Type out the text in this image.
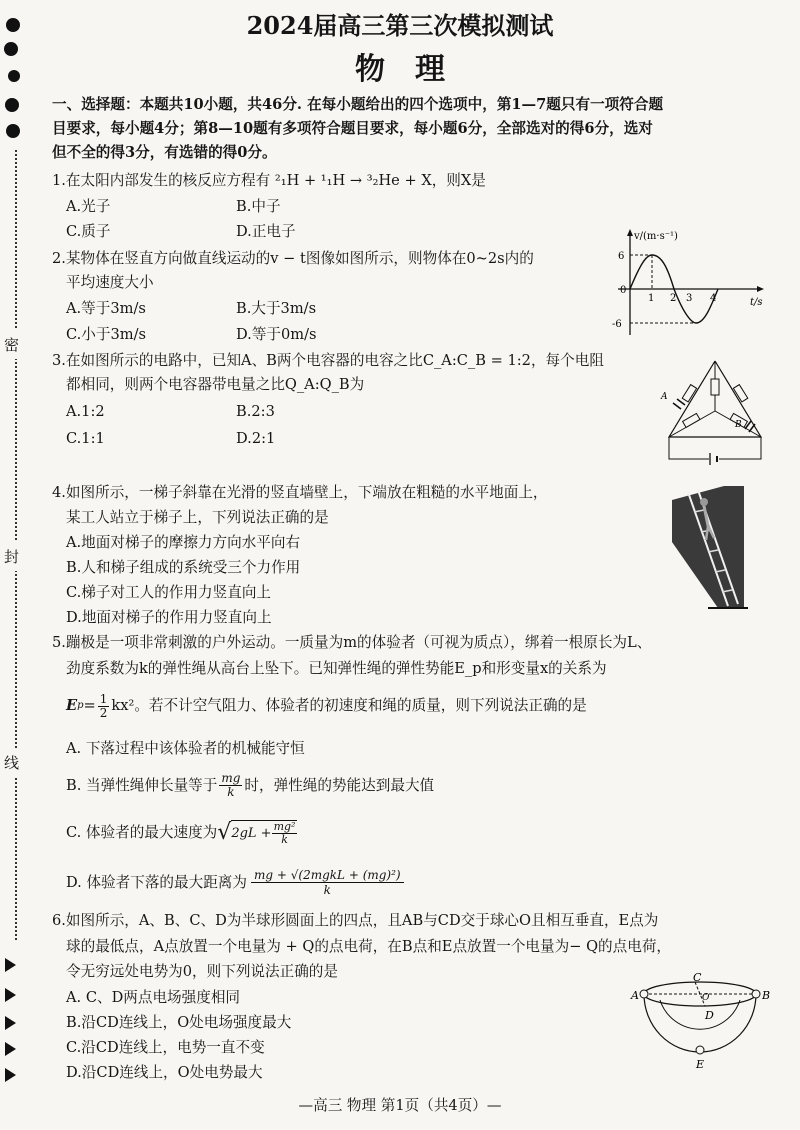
密
封
线
2024届高三第三次模拟测试
物　理
一、选择题：本题共10小题，共46分. 在每小题给出的四个选项中，第1—7题只有一项符合题
目要求，每小题4分；第8—10题有多项符合题目要求，每小题6分，全部选对的得6分，选对
但不全的得3分，有选错的得0分。
1.在太阳内部发生的核反应方程有 ²₁H + ¹₁H → ³₂He + X，则X是
A.光子	B.中子
C.质子	D.正电子
2.某物体在竖直方向做直线运动的v − t图像如图所示，则物体在0~2s内的
平均速度大小
A.等于3m/s	B.大于3m/s
C.小于3m/s	D.等于0m/s
v/(m·s⁻¹)
t/s
6
-6
0
1 2 3 4
3.在如图所示的电路中，已知A、B两个电容器的电容之比C_A:C_B = 1:2，每个电阻
都相同，则两个电容器带电量之比Q_A:Q_B为
A.1:2	B.2:3
C.1:1	D.2:1
A
B
4.如图所示，一梯子斜靠在光滑的竖直墙壁上，下端放在粗糙的水平地面上，
某工人站立于梯子上，下列说法正确的是
A.地面对梯子的摩擦力方向水平向右
B.人和梯子组成的系统受三个力作用
C.梯子对工人的作用力竖直向上
D.地面对梯子的作用力竖直向上
5.蹦极是一项非常刺激的户外运动。一质量为m的体验者（可视为质点），绑着一根原长为L、
劲度系数为k的弹性绳从高台上坠下。已知弹性绳的弹性势能E_p和形变量x的关系为
E $p = \frac{1}{2} kx^2$。若不计空气阻力、体验者的初速度和绳的质量，则下列说法正确的是
A. 下落过程中该体验者的机械能守恒
B. 当弹性绳伸长量等于 $\frac{mg}{k}$ 时，弹性绳的势能达到最大值
C. 体验者的最大速度为 √ $2gL + \frac{\text{mg²}}{k}$
D. 体验者下落的最大距离为 mg + √(2mgkL + (mg)²)
k
6.如图所示，A、B、C、D为半球形圆面上的四点，且AB与CD交于球心O且相互垂直，E点为
球的最低点，A点放置一个电量为 + Q的点电荷，在B点和E点放置一个电量为− Q的点电荷，
令无穷远处电势为0，则下列说法正确的是
A. C、D两点电场强度相同
B.沿CD连线上，O处电场强度最大
C.沿CD连线上，电势一直不变
D.沿CD连线上，O处电势最大
A	B
C
D
O
E
—高三 物理 第1页（共4页）—
